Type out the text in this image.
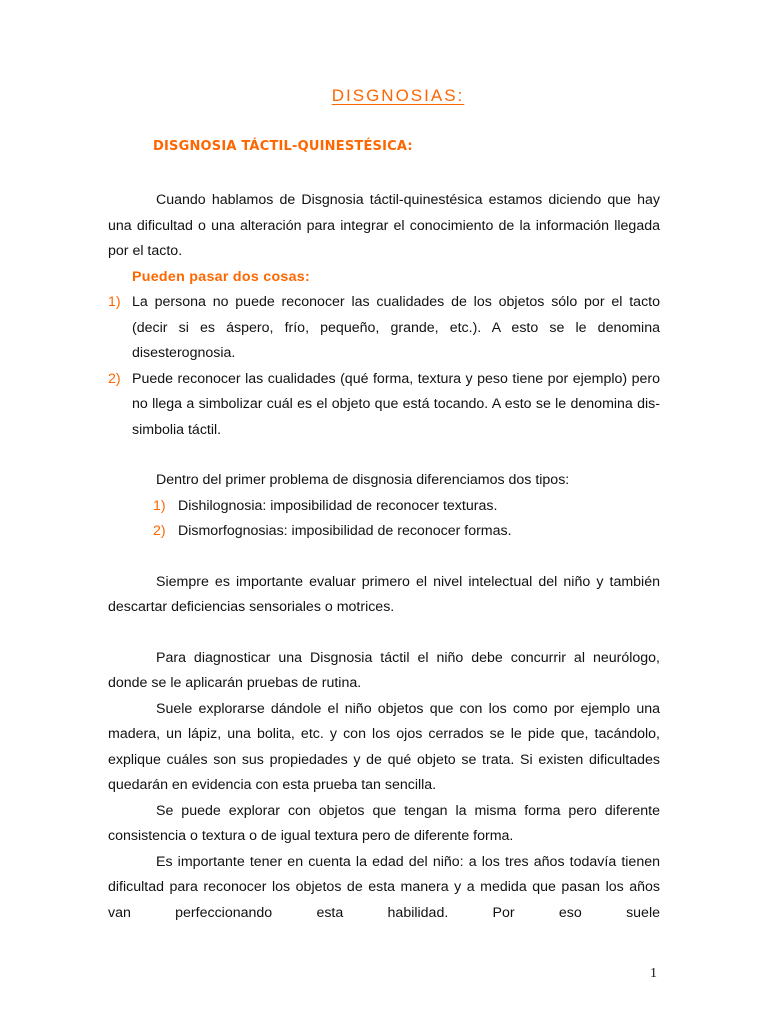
DISGNOSIAS:
DISGNOSIA TÁCTIL-QUINESTÉSICA:

Cuando hablamos de Disgnosia táctil-quinestésica estamos diciendo que hay una dificultad o una alteración para integrar el conocimiento de la información llegada por el tacto.

Pueden pasar dos cosas:

1) La persona no puede reconocer las cualidades de los objetos sólo por el tacto (decir si es áspero, frío, pequeño, grande, etc.). A esto se le denomina disesterognosia.

2) Puede reconocer las cualidades (qué forma, textura y peso tiene por ejemplo) pero no llega a simbolizar cuál es el objeto que está tocando. A esto se le denomina dis-simbolia táctil.

Dentro del primer problema de disgnosia diferenciamos dos tipos:

1) Dishilognosia: imposibilidad de reconocer texturas.

2) Dismorfognosias: imposibilidad de reconocer formas.

Siempre es importante evaluar primero el nivel intelectual del niño y también descartar deficiencias sensoriales o motrices.

Para diagnosticar una Disgnosia táctil el niño debe concurrir al neurólogo, donde se le aplicarán pruebas de rutina.

Suele explorarse dándole el niño objetos que con los como por ejemplo una madera, un lápiz, una bolita, etc. y con los ojos cerrados se le pide que, tacándolo, explique cuáles son sus propiedades y de qué objeto se trata. Si existen dificultades quedarán en evidencia con esta prueba tan sencilla.

Se puede explorar con objetos que tengan la misma forma pero diferente consistencia o textura o de igual textura pero de diferente forma.

Es importante tener en cuenta la edad del niño: a los tres años todavía tienen dificultad para reconocer los objetos de esta manera y a medida que pasan los años van perfeccionando esta habilidad. Por eso suele

1
